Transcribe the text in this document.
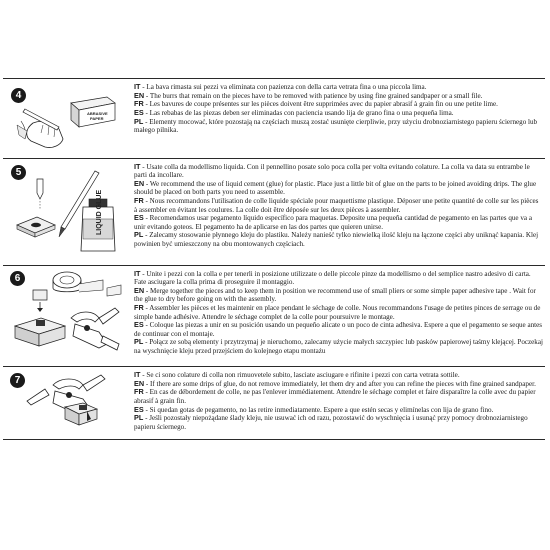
ABRASIVE
PAPER
4

IT - La bava rimasta sui pezzi va eliminata con pazienza con della carta vetrata fina o una piccola lima.

EN - The burrs that remain on the pieces have to be removed with patience by using fine grained sandpaper or a small file.

FR - Les bavures de coupe présentes sur les pièces doivent être supprimées avec du papier abrasif à grain fin ou une petite lime.

ES - Las rebabas de las piezas deben ser eliminadas con paciencia usando lija de grano fina o una pequeña lima.

PL - Elementy mocować, które pozostają na częściach muszą zostać usunięte cierpliwie, przy użyciu drobnoziarnistego papieru ściernego lub małego pilnika.

LIQUID GLUE
5

IT - Usate colla da modellismo liquida. Con il pennellino posate solo poca colla per volta evitando colature. La colla va data su entrambe le parti da incollare.

EN - We recommend the use of liquid cement (glue) for plastic. Place just a little bit of glue on the parts to be joined avoiding drips. The glue should be placed on both parts you need to assemble.

FR - Nous recommandons l'utilisation de colle liquide spéciale pour maquettisme plastique. Déposer une petite quantité de colle sur les pièces à assembler en évitant les coulures. La colle doit être déposée sur les deux pièces à assembler.

ES - Recomendamos usar pegamento líquido específico para maquetas. Deposite una pequeña cantidad de pegamento en las partes que va a unir evitando goteos. El pegamento ha de aplicarse en las dos partes que quieren unirse.

PL - Zalecamy stosowanie płynnego kleju do plastiku. Należy nanieść tylko niewielką ilość kleju na łączone części aby uniknąć kapania. Klej powinien być umieszczony na obu montowanych częściach.

6	IT - Unite i pezzi con la colla e per tenerli in posizione utilizzate o delle piccole pinze da modellismo o del semplice nastro adesivo di carta. Fate asciugare la colla prima di proseguire il montaggio.

EN - Merge together the pieces and to keep them in position we recommend use of small pliers or some simple paper adhesive tape . Wait for the glue to dry before going on with the assembly.

FR - Assembler les pièces et les maintenir en place pendant le séchage de colle. Nous recommandons l'usage de petites pinces de serrage ou de simple bande adhésive. Attendre le séchage complet de la colle pour poursuivre le montage.

ES - Coloque las piezas a unir en su posición usando un pequeño alicate o un poco de cinta adhesiva. Espere a que el pegamento se seque antes de continuar con el montaje.

PL - Połącz ze sobą elementy i przytrzymaj je nieruchomo, zalecamy użycie małych szczypiec lub pasków papierowej taśmy klejącej. Poczekaj na wyschnięcie kleju przed przejściem do kolejnego etapu montażu

7

IT - Se ci sono colature di colla non rimuovetele subito, lasciate asciugare e rifinite i pezzi con carta vetrata sottile.

EN - If there are some drips of glue, do not remove immediately, let them dry and after you can refine the pieces with fine grained sandpaper.

FR - En cas de débordement de colle, ne pas l'enlever immédiatement. Attendre le séchage complet et faire disparaître la colle avec du papier abrasif à grain fin.

ES - Si quedan gotas de pegamento, no las retire inmediatamente. Espere a que estén secas y elimínelas con lija de grano fino.

PL - Jeśli pozostały niepożądane ślady kleju, nie usuwać ich od razu, pozostawić do wyschnięcia i usunąć przy pomocy drobnoziarnistego papieru ściernego.
